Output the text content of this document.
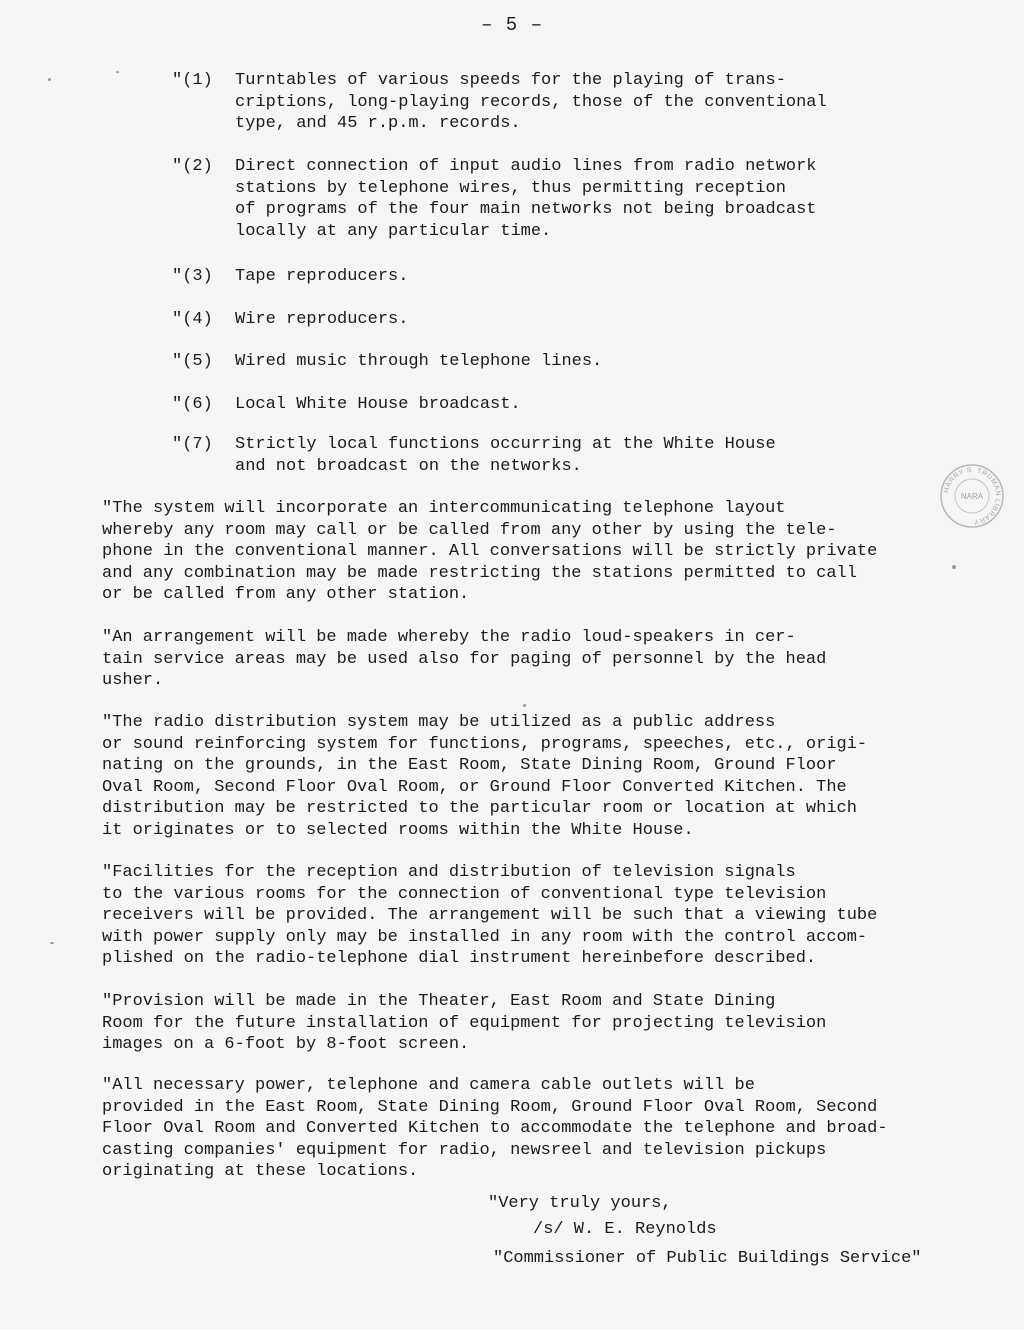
– 5 –
"(1)	Turntables of various speeds for the playing of trans-
criptions, long-playing records, those of the conventional
type, and 45 r.p.m. records.
"(2)	Direct connection of input audio lines from radio network
stations by telephone wires, thus permitting reception
of programs of the four main networks not being broadcast
locally at any particular time.
"(3)	Tape reproducers.
"(4)	Wire reproducers.
"(5)	Wired music through telephone lines.
"(6)	Local White House broadcast.
"(7)	Strictly local functions occurring at the White House
and not broadcast on the networks.
"The system will incorporate an intercommunicating telephone layout
whereby any room may call or be called from any other by using the tele-
phone in the conventional manner. All conversations will be strictly private
and any combination may be made restricting the stations permitted to call
or be called from any other station.
"An arrangement will be made whereby the radio loud-speakers in cer-
tain service areas may be used also for paging of personnel by the head
usher.
"The radio distribution system may be utilized as a public address
or sound reinforcing system for functions, programs, speeches, etc., origi-
nating on the grounds, in the East Room, State Dining Room, Ground Floor
Oval Room, Second Floor Oval Room, or Ground Floor Converted Kitchen. The
distribution may be restricted to the particular room or location at which
it originates or to selected rooms within the White House.
"Facilities for the reception and distribution of television signals
to the various rooms for the connection of conventional type television
receivers will be provided. The arrangement will be such that a viewing tube
with power supply only may be installed in any room with the control accom-
plished on the radio-telephone dial instrument hereinbefore described.
"Provision will be made in the Theater, East Room and State Dining
Room for the future installation of equipment for projecting television
images on a 6-foot by 8-foot screen.
"All necessary power, telephone and camera cable outlets will be
provided in the East Room, State Dining Room, Ground Floor Oval Room, Second
Floor Oval Room and Converted Kitchen to accommodate the telephone and broad-
casting companies' equipment for radio, newsreel and television pickups
originating at these locations.
"Very truly yours,
/s/ W. E. Reynolds
"Commissioner of Public Buildings Service"
HARRY S. TRUMAN LIBRARY
NARA
